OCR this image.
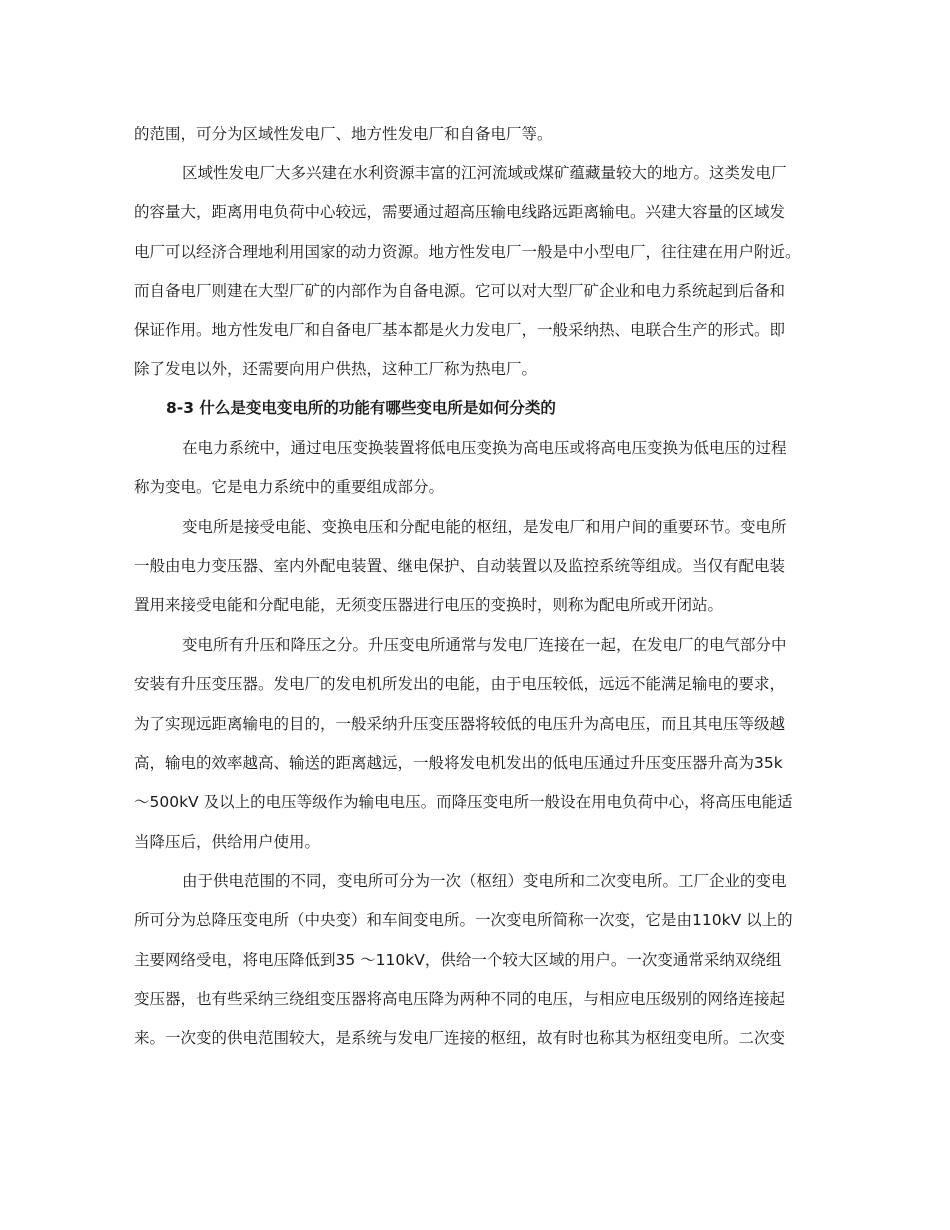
的范围，可分为区域性发电厂、地方性发电厂和自备电厂等。
区域性发电厂大多兴建在水利资源丰富的江河流域或煤矿蕴藏量较大的地方。这类发电厂
的容量大，距离用电负荷中心较远，需要通过超高压输电线路远距离输电。兴建大容量的区域发
电厂可以经济合理地利用国家的动力资源。地方性发电厂一般是中小型电厂，往往建在用户附近。
而自备电厂则建在大型厂矿的内部作为自备电源。它可以对大型厂矿企业和电力系统起到后备和
保证作用。地方性发电厂和自备电厂基本都是火力发电厂，一般采纳热、电联合生产的形式。即
除了发电以外，还需要向用户供热，这种工厂称为热电厂。
8-3 什么是变电变电所的功能有哪些变电所是如何分类的
在电力系统中，通过电压变换装置将低电压变换为高电压或将高电压变换为低电压的过程
称为变电。它是电力系统中的重要组成部分。
变电所是接受电能、变换电压和分配电能的枢纽，是发电厂和用户间的重要环节。变电所
一般由电力变压器、室内外配电装置、继电保护、自动装置以及监控系统等组成。当仅有配电装
置用来接受电能和分配电能，无须变压器进行电压的变换时，则称为配电所或开闭站。
变电所有升压和降压之分。升压变电所通常与发电厂连接在一起，在发电厂的电气部分中
安装有升压变压器。发电厂的发电机所发出的电能，由于电压较低，远远不能满足输电的要求，
为了实现远距离输电的目的，一般采纳升压变压器将较低的电压升为高电压，而且其电压等级越
高，输电的效率越高、输送的距离越远，一般将发电机发出的低电压通过升压变压器升高为35k
～500kV 及以上的电压等级作为输电电压。而降压变电所一般设在用电负荷中心，将高压电能适
当降压后，供给用户使用。
由于供电范围的不同，变电所可分为一次（枢纽）变电所和二次变电所。工厂企业的变电
所可分为总降压变电所（中央变）和车间变电所。一次变电所简称一次变，它是由110kV 以上的
主要网络受电，将电压降低到35 ～110kV，供给一个较大区域的用户。一次变通常采纳双绕组
变压器，也有些采纳三绕组变压器将高电压降为两种不同的电压，与相应电压级别的网络连接起
来。一次变的供电范围较大，是系统与发电厂连接的枢纽，故有时也称其为枢纽变电所。二次变
